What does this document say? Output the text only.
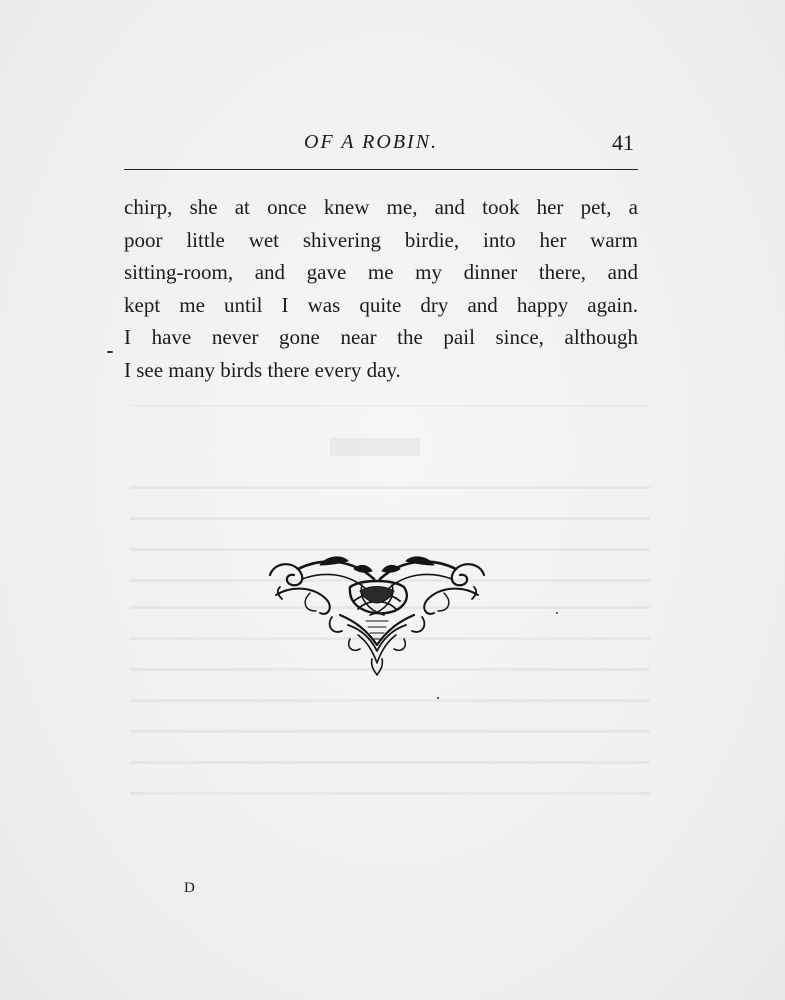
OF A ROBIN.	41
chirp, she at once knew me, and took her pet, a
poor little wet shivering birdie, into her warm
sitting-room, and gave me my dinner there, and
kept me until I was quite dry and happy again.
I have never gone near the pail since, although
I see many birds there every day.
D
